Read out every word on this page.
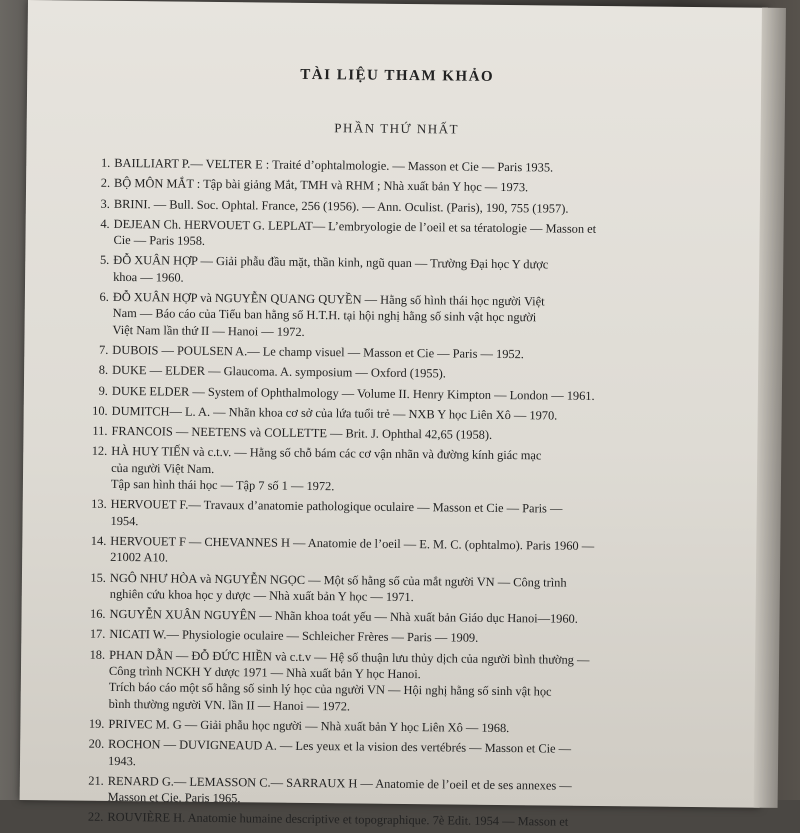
TÀI LIỆU THAM KHẢO
PHẦN THỨ NHẤT
1. BAILLIART P.— VELTER E : Traité d’ophtalmologie. — Masson et Cie — Paris 1935.
2. BỘ MÔN MẮT : Tập bài giảng Mắt, TMH và RHM ; Nhà xuất bản Y học — 1973.
3. BRINI. — Bull. Soc. Ophtal. France, 256 (1956). — Ann. Oculist. (Paris), 190, 755 (1957).
4. DEJEAN Ch. HERVOUET G. LEPLAT— L’embryologie de l’oeil et sa tératologie — Masson et
Cie — Paris 1958.
5. ĐỖ XUÂN HỢP — Giải phẫu đầu mặt, thần kinh, ngũ quan — Trường Đại học Y dược
khoa — 1960.
6. ĐỖ XUÂN HỢP và NGUYỄN QUANG QUYỀN — Hằng số hình thái học người Việt
Nam — Báo cáo của Tiểu ban hằng số H.T.H. tại hội nghị hằng số sinh vật học người
Việt Nam lần thứ II — Hanoi — 1972.
7. DUBOIS — POULSEN A.— Le champ visuel — Masson et Cie — Paris — 1952.
8. DUKE — ELDER — Glaucoma. A. symposium — Oxford (1955).
9. DUKE ELDER — System of Ophthalmology — Volume II. Henry Kimpton — London — 1961.
10. DUMITCH— L. A. — Nhãn khoa cơ sở của lứa tuổi trẻ — NXB Y học Liên Xô — 1970.
11. FRANCOIS — NEETENS và COLLETTE — Brit. J. Ophthal 42,65 (1958).
12. HÀ HUY TIẾN và c.t.v. — Hằng số chỗ bám các cơ vận nhãn và đường kính giác mạc
của người Việt Nam.
Tập san hình thái học — Tập 7 số 1 — 1972.
13. HERVOUET F.— Travaux d’anatomie pathologique oculaire — Masson et Cie — Paris —
1954.
14. HERVOUET F — CHEVANNES H — Anatomie de l’oeil — E. M. C. (ophtalmo). Paris 1960 —
21002 A10.
15. NGÔ NHƯ HÒA và NGUYỄN NGỌC — Một số hằng số của mắt người VN — Công trình
nghiên cứu khoa học y dược — Nhà xuất bản Y học — 1971.
16. NGUYỄN XUÂN NGUYÊN — Nhãn khoa toát yếu — Nhà xuất bản Giáo dục Hanoi—1960.
17. NICATI W.— Physiologie oculaire — Schleicher Frères — Paris — 1909.
18. PHAN DẪN — ĐỖ ĐỨC HIỀN và c.t.v — Hệ số thuận lưu thủy dịch của người bình thường —
Công trình NCKH Y dược 1971 — Nhà xuất bản Y học Hanoi.
Trích báo cáo một số hằng số sinh lý học của người VN — Hội nghị hằng số sinh vật học
bình thường người VN. lần II — Hanoi — 1972.
19. PRIVEC M. G — Giải phẫu học người — Nhà xuất bản Y học Liên Xô — 1968.
20. ROCHON — DUVIGNEAUD A. — Les yeux et la vision des vertébrés — Masson et Cie —
1943.
21. RENARD G.— LEMASSON C.— SARRAUX H — Anatomie de l’oeil et de ses annexes —
Masson et Cie. Paris 1965.
22. ROUVIÈRE H. Anatomie humaine descriptive et topographique. 7è Edit. 1954 — Masson et
